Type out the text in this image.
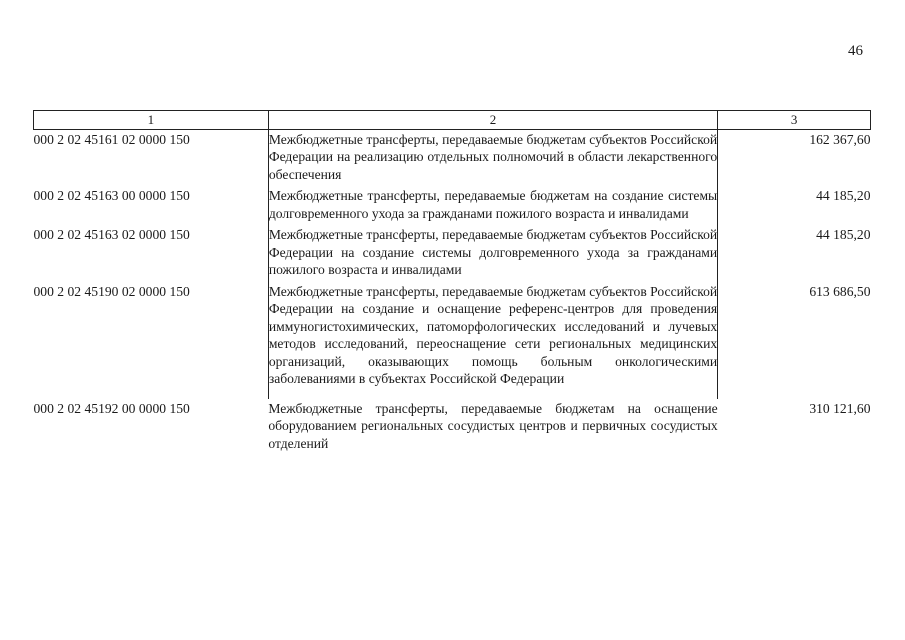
46
1	2	3
000 2 02 45161 02 0000 150	Межбюджетные трансферты, передаваемые бюджетам субъектов Российской Федерации на реализацию отдельных полномочий в области лекарственного обеспечения	162 367,60
000 2 02 45163 00 0000 150	Межбюджетные трансферты, передаваемые бюджетам на создание системы долговременного ухода за гражданами пожилого возраста и инвалидами	44 185,20
000 2 02 45163 02 0000 150	Межбюджетные трансферты, передаваемые бюджетам субъектов Российской Федерации на создание системы долговременного ухода за гражданами пожилого возраста и инвалидами	44 185,20
000 2 02 45190 02 0000 150	Межбюджетные трансферты, передаваемые бюджетам субъектов Российской Федерации на создание и оснащение референс-центров для проведения иммуногистохимических, патоморфологических исследований и лучевых методов исследований, переоснащение сети региональных медицинских организаций, оказывающих помощь больным онкологическими заболеваниями в субъектах Российской Федерации	613 686,50
000 2 02 45192 00 0000 150	Межбюджетные трансферты, передаваемые бюджетам на оснащение оборудованием региональных сосудистых центров и первичных сосудистых отделений	310 121,60
